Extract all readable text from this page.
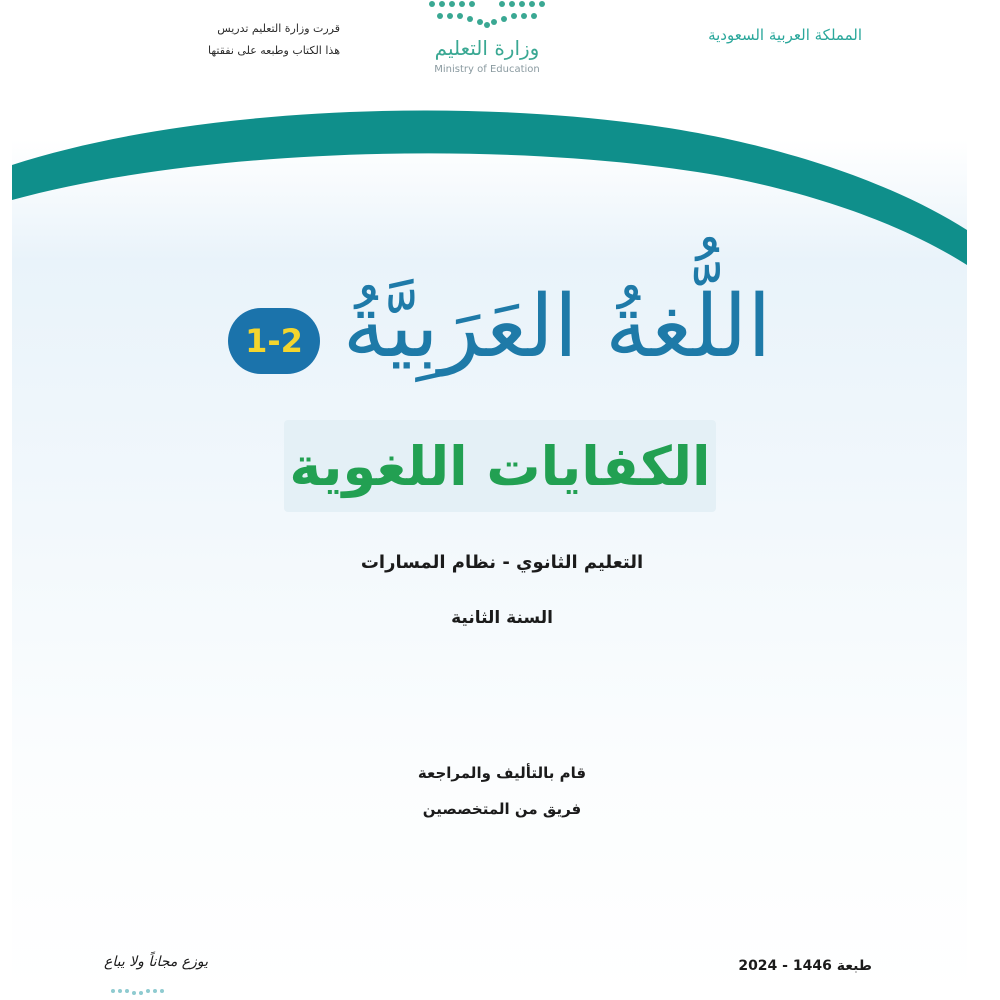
قررت وزارة التعليم تدريس
هذا الكتاب وطبعه على نفقتها	وزارة التعليم
Ministry of Education
المملكة العربية السعودية
اللُّغةُ العَرَبِيَّةُ
1-2
الكفايات اللغوية
التعليم الثانوي - نظام المسارات
السنة الثانية
قام بالتأليف والمراجعة
فريق من المتخصصين
طبعة 1446 - 2024
يوزع مجاناً ولا يباع
